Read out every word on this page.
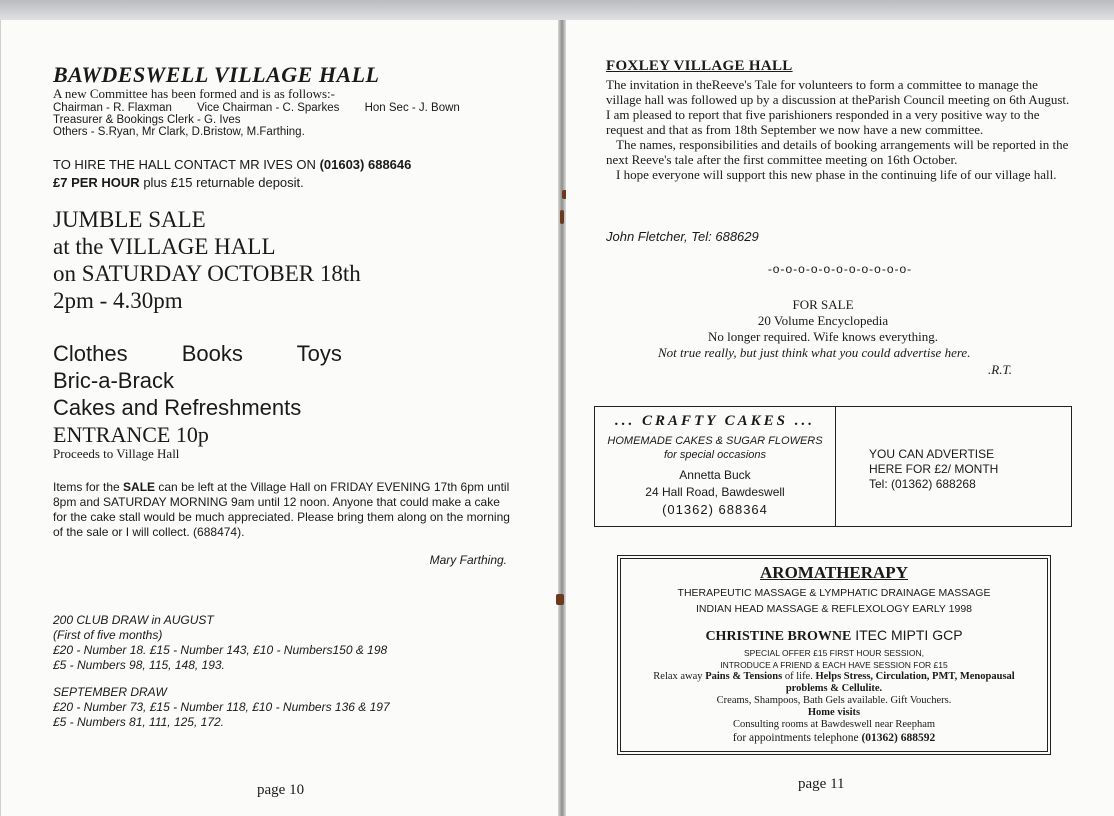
BAWDESWELL VILLAGE HALL
A new Committee has been formed and is as follows:-
Chairman - R. Flaxman Vice Chairman - C. Sparkes Hon Sec - J. Bown
Treasurer & Bookings Clerk - G. Ives
Others - S.Ryan, Mr Clark, D.Bristow, M.Farthing.
TO HIRE THE HALL CONTACT MR IVES ON (01603) 688646
£7 PER HOUR plus £15 returnable deposit.
JUMBLE SALE
at the VILLAGE HALL
on SATURDAY OCTOBER 18th
2pm - 4.30pm
Clothes Books Toys
Bric-a-Brack
Cakes and Refreshments
ENTRANCE 10p
Proceeds to Village Hall

Items for the SALE can be left at the Village Hall on FRIDAY EVENING 17th 6pm until 8pm and SATURDAY MORNING 9am until 12 noon. Anyone that could make a cake for the cake stall would be much appreciated. Please bring them along on the morning of the sale or I will collect. (688474).

Mary Farthing.
200 CLUB DRAW in AUGUST
(First of five months)
£20 - Number 18. £15 - Number 143, £10 - Numbers150 & 198
£5 - Numbers 98, 115, 148, 193.
SEPTEMBER DRAW
£20 - Number 73, £15 - Number 118, £10 - Numbers 136 & 197
£5 - Numbers 81, 111, 125, 172.
page 10
FOXLEY VILLAGE HALL

The invitation in theReeve's Tale for volunteers to form a committee to manage the village hall was followed up by a discussion at theParish Council meeting on 6th August. I am pleased to report that five parishioners responded in a very positive way to the request and that as from 18th September we now have a new committee.

The names, responsibilities and details of booking arrangements will be reported in the next Reeve's tale after the first committee meeting on 16th October.

I hope everyone will support this new phase in the continuing life of our village hall.

John Fletcher, Tel: 688629
-o-o-o-o-o-o-o-o-o-o-o-
FOR SALE
20 Volume Encyclopedia
No longer required. Wife knows everything.
Not true really, but just think what you could advertise here.
.R.T.
... CRAFTY CAKES ...
HOMEMADE CAKES & SUGAR FLOWERS
for special occasions
Annetta Buck
24 Hall Road, Bawdeswell
(01362) 688364
YOU CAN ADVERTISE
HERE FOR £2/ MONTH
Tel: (01362) 688268
AROMATHERAPY
THERAPEUTIC MASSAGE & LYMPHATIC DRAINAGE MASSAGE
INDIAN HEAD MASSAGE & REFLEXOLOGY EARLY 1998
CHRISTINE BROWNE ITEC MIPTI GCP
SPECIAL OFFER £15 FIRST HOUR SESSION,
INTRODUCE A FRIEND & EACH HAVE SESSION FOR £15
Relax away Pains & Tensions of life. Helps Stress, Circulation, PMT, Menopausal problems & Cellulite.
Creams, Shampoos, Bath Gels available. Gift Vouchers.
Home visits
Consulting rooms at Bawdeswell near Reepham
for appointments telephone (01362) 688592
page 11
